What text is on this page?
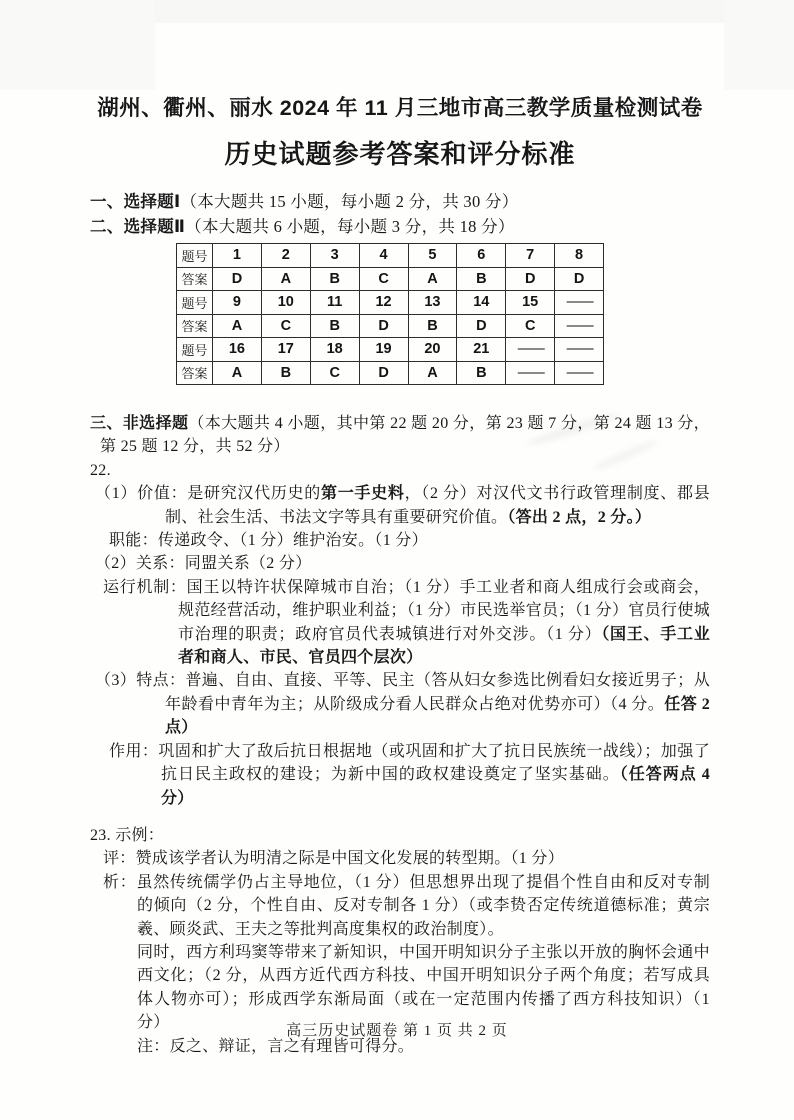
湖州、衢州、丽水 2024 年 11 月三地市高三教学质量检测试卷
历史试题参考答案和评分标准
一、选择题Ⅰ（本大题共 15 小题，每小题 2 分，共 30 分）
二、选择题Ⅱ（本大题共 6 小题，每小题 3 分，共 18 分）
题号	1	2	3	4	5	6	7	8
答案	D	A	B	C	A	B	D	D
题号	9	10	11	12	13	14	15	——
答案	A	C	B	D	B	D	C	——
题号	16	17	18	19	20	21	——	——
答案	A	B	C	D	A	B	——	——
三、非选择题（本大题共 4 小题，其中第 22 题 20 分，第 23 题 7 分，第 24 题 13 分，第 25 题 12 分，共 52 分）
22.
（1）价值：是研究汉代历史的第一手史料，（2 分）对汉代文书行政管理制度、郡县制、社会生活、书法文字等具有重要研究价值。（答出 2 点，2 分。）
职能：传递政令、（1 分）维护治安。（1 分）
（2）关系：同盟关系（2 分）
运行机制：国王以特许状保障城市自治；（1 分）手工业者和商人组成行会或商会，规范经营活动，维护职业利益；（1 分）市民选举官员；（1 分）官员行使城市治理的职责；政府官员代表城镇进行对外交涉。（1 分）（国王、手工业者和商人、市民、官员四个层次）
（3）特点：普遍、自由、直接、平等、民主（答从妇女参选比例看妇女接近男子；从年龄看中青年为主；从阶级成分看人民群众占绝对优势亦可）（4 分。任答 2 点）
作用：巩固和扩大了敌后抗日根据地（或巩固和扩大了抗日民族统一战线）；加强了抗日民主政权的建设；为新中国的政权建设奠定了坚实基础。（任答两点 4 分）
23. 示例：
评：赞成该学者认为明清之际是中国文化发展的转型期。（1 分）
析：虽然传统儒学仍占主导地位，（1 分）但思想界出现了提倡个性自由和反对专制的倾向（2 分，个性自由、反对专制各 1 分）（或李贽否定传统道德标准；黄宗羲、顾炎武、王夫之等批判高度集权的政治制度）。
同时，西方利玛窦等带来了新知识，中国开明知识分子主张以开放的胸怀会通中西文化；（2 分，从西方近代西方科技、中国开明知识分子两个角度；若写成具体人物亦可）；形成西学东渐局面（或在一定范围内传播了西方科技知识）（1 分）
注：反之、辩证，言之有理皆可得分。
高三历史试题卷 第 1 页 共 2 页
